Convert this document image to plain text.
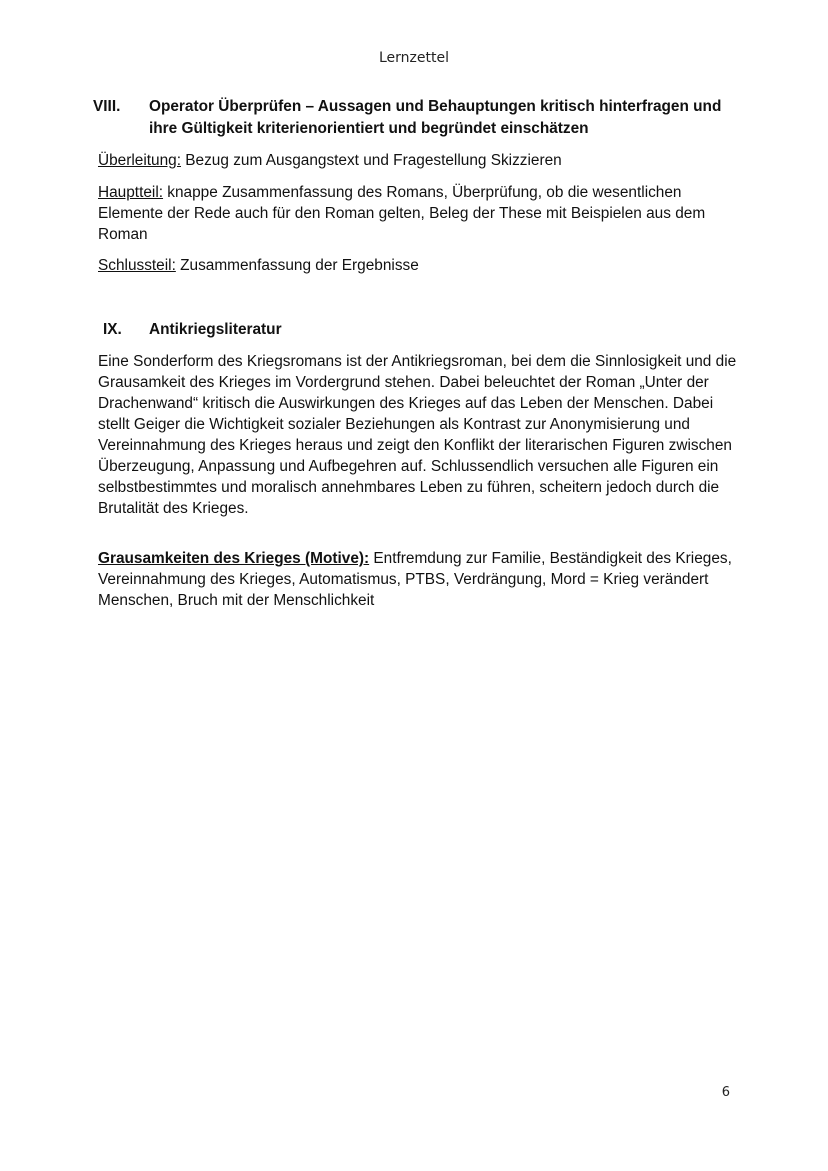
Lernzettel
VIII. Operator Überprüfen – Aussagen und Behauptungen kritisch hinterfragen und ihre Gültigkeit kriterienorientiert und begründet einschätzen
Überleitung: Bezug zum Ausgangstext und Fragestellung Skizzieren
Hauptteil: knappe Zusammenfassung des Romans, Überprüfung, ob die wesentlichen Elemente der Rede auch für den Roman gelten, Beleg der These mit Beispielen aus dem Roman
Schlussteil: Zusammenfassung der Ergebnisse
IX. Antikriegsliteratur
Eine Sonderform des Kriegsromans ist der Antikriegsroman, bei dem die Sinnlosigkeit und die Grausamkeit des Krieges im Vordergrund stehen. Dabei beleuchtet der Roman „Unter der Drachenwand“ kritisch die Auswirkungen des Krieges auf das Leben der Menschen. Dabei stellt Geiger die Wichtigkeit sozialer Beziehungen als Kontrast zur Anonymisierung und Vereinnahmung des Krieges heraus und zeigt den Konflikt der literarischen Figuren zwischen Überzeugung, Anpassung und Aufbegehren auf. Schlussendlich versuchen alle Figuren ein selbstbestimmtes und moralisch annehmbares Leben zu führen, scheitern jedoch durch die Brutalität des Krieges.
Grausamkeiten des Krieges (Motive): Entfremdung zur Familie, Beständigkeit des Krieges, Vereinnahmung des Krieges, Automatismus, PTBS, Verdrängung, Mord = Krieg verändert Menschen, Bruch mit der Menschlichkeit
6
